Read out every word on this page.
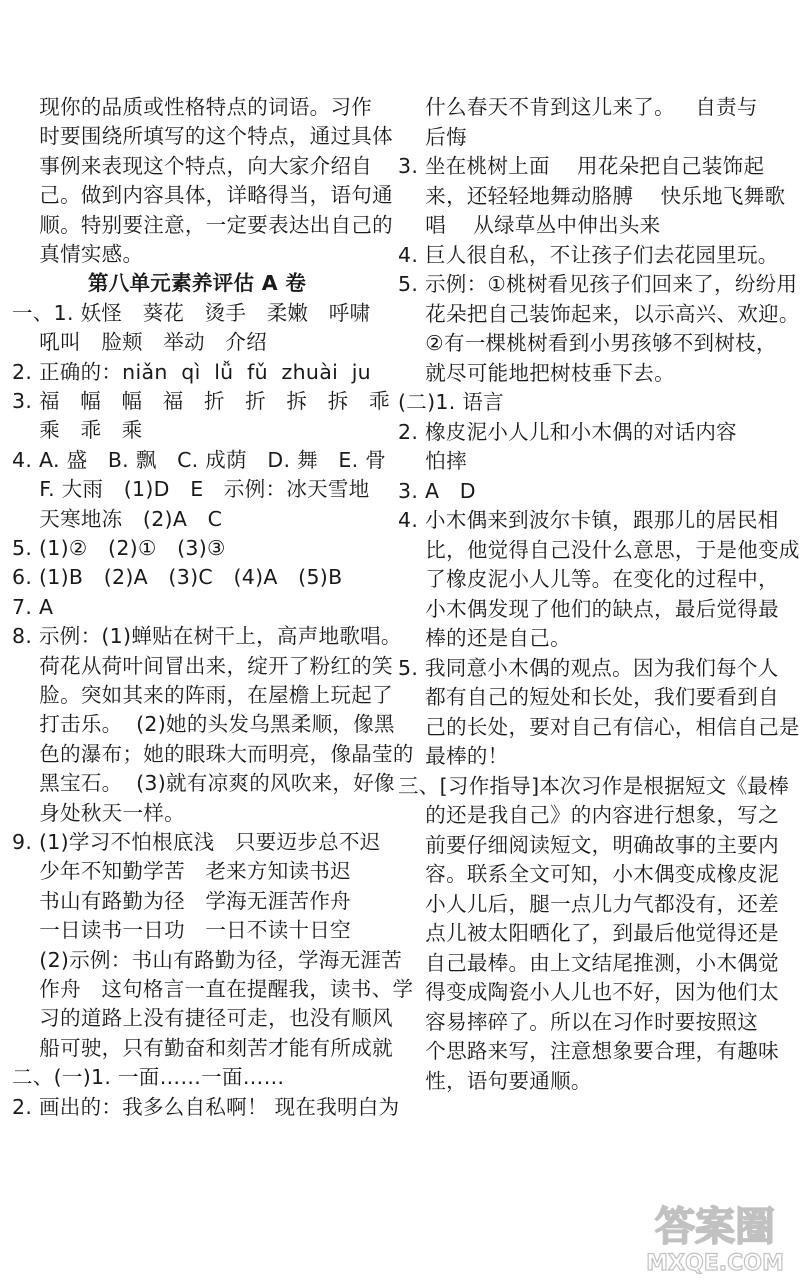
现你的品质或性格特点的词语。习作
时要围绕所填写的这个特点，通过具体
事例来表现这个特点，向大家介绍自
己。做到内容具体，详略得当，语句通
顺。特别要注意，一定要表达出自己的
真情实感。
第八单元素养评估 A 卷
一、1. 妖怪   葵花   烫手   柔嫩   呼啸
吼叫   脸颊   举动   介绍
2. 正确的：niǎn  qì  lǚ  fǔ  zhuài  ju
3. 福   幅   幅   福   折   折   拆   拆   乖
乘   乖   乘
4. A. 盛   B. 飘   C. 成荫   D. 舞   E. 骨
F. 大雨   (1)D   E   示例：冰天雪地
天寒地冻   (2)A   C
5. (1)②   (2)①   (3)③
6. (1)B   (2)A   (3)C   (4)A   (5)B
7. A
8. 示例：(1)蝉贴在树干上，高声地歌唱。
荷花从荷叶间冒出来，绽开了粉红的笑
脸。突如其来的阵雨，在屋檐上玩起了
打击乐。  (2)她的头发乌黑柔顺，像黑
色的瀑布；她的眼珠大而明亮，像晶莹的
黑宝石。  (3)就有凉爽的风吹来，好像
身处秋天一样。
9. (1)学习不怕根底浅   只要迈步总不迟
少年不知勤学苦   老来方知读书迟
书山有路勤为径   学海无涯苦作舟
一日读书一日功   一日不读十日空
(2)示例：书山有路勤为径，学海无涯苦
作舟   这句格言一直在提醒我，读书、学
习的道路上没有捷径可走，也没有顺风
船可驶，只有勤奋和刻苦才能有所成就
二、(一)1. 一面……一面……
2. 画出的：我多么自私啊！ 现在我明白为
什么春天不肯到这儿来了。   自责与
后悔
3. 坐在桃树上面    用花朵把自己装饰起
来，还轻轻地舞动胳膊    快乐地飞舞歌
唱    从绿草丛中伸出头来
4. 巨人很自私，不让孩子们去花园里玩。
5. 示例：①桃树看见孩子们回来了，纷纷用
花朵把自己装饰起来，以示高兴、欢迎。
②有一棵桃树看到小男孩够不到树枝，
就尽可能地把树枝垂下去。
(二)1. 语言
2. 橡皮泥小人儿和小木偶的对话内容
怕摔
3. A   D
4. 小木偶来到波尔卡镇，跟那儿的居民相
比，他觉得自己没什么意思，于是他变成
了橡皮泥小人儿等。在变化的过程中，
小木偶发现了他们的缺点，最后觉得最
棒的还是自己。
5. 我同意小木偶的观点。因为我们每个人
都有自己的短处和长处，我们要看到自
己的长处，要对自己有信心，相信自己是
最棒的！
三、[习作指导]本次习作是根据短文《最棒
的还是我自己》的内容进行想象，写之
前要仔细阅读短文，明确故事的主要内
容。联系全文可知，小木偶变成橡皮泥
小人儿后，腿一点儿力气都没有，还差
点儿被太阳晒化了，到最后他觉得还是
自己最棒。由上文结尾推测，小木偶觉
得变成陶瓷小人儿也不好，因为他们太
容易摔碎了。所以在习作时要按照这
个思路来写，注意想象要合理，有趣味
性，语句要通顺。
答案圈
MXQE.COM
